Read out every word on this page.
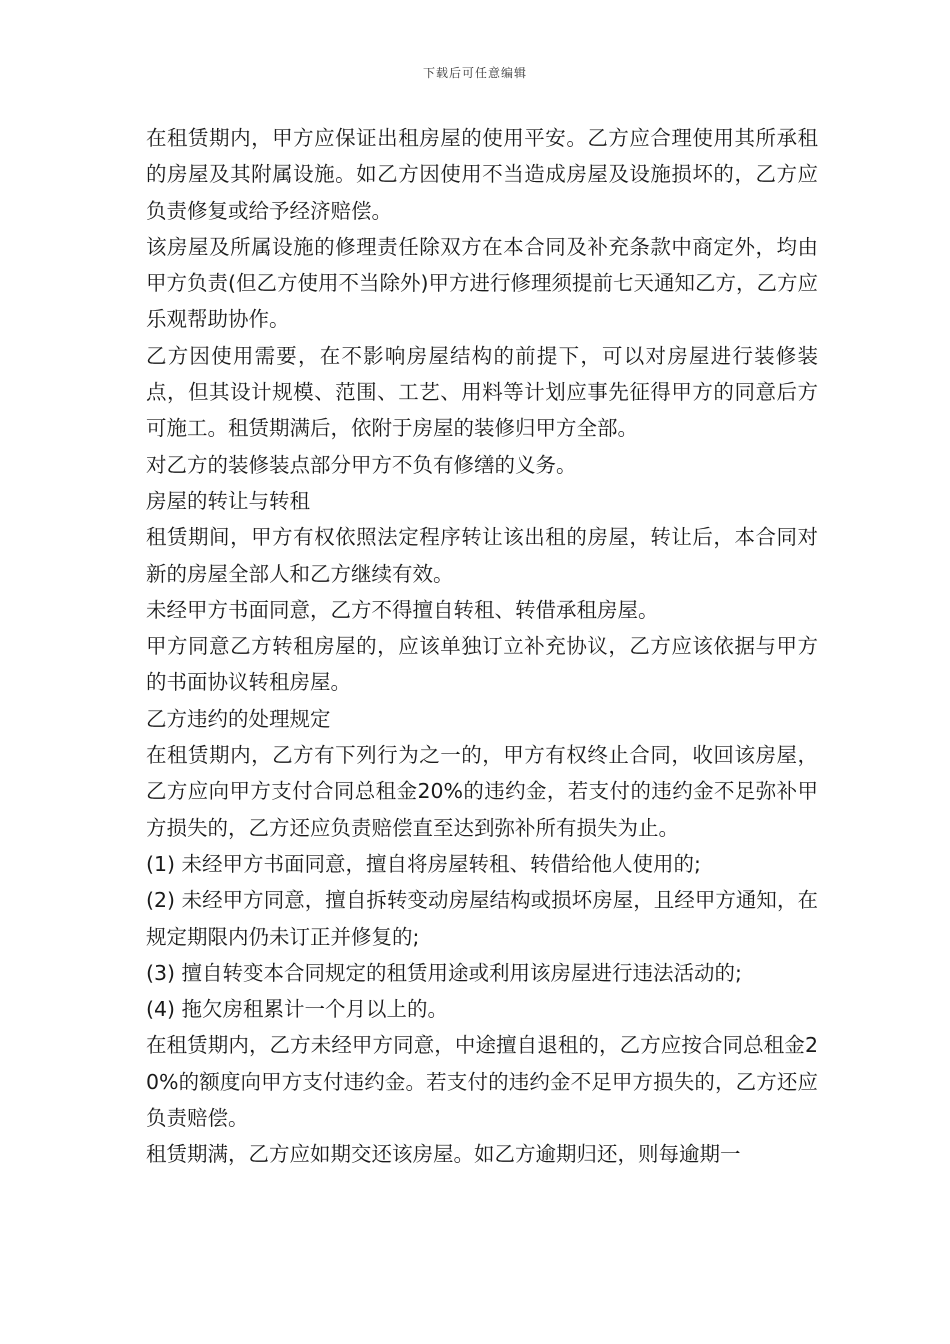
下载后可任意编辑

在租赁期内，甲方应保证出租房屋的使用平安。乙方应合理使用其所承租的房屋及其附属设施。如乙方因使用不当造成房屋及设施损坏的，乙方应负责修复或给予经济赔偿。

该房屋及所属设施的修理责任除双方在本合同及补充条款中商定外，均由甲方负责(但乙方使用不当除外)甲方进行修理须提前七天通知乙方，乙方应乐观帮助协作。

乙方因使用需要，在不影响房屋结构的前提下，可以对房屋进行装修装点，但其设计规模、范围、工艺、用料等计划应事先征得甲方的同意后方可施工。租赁期满后，依附于房屋的装修归甲方全部。

对乙方的装修装点部分甲方不负有修缮的义务。

房屋的转让与转租

租赁期间，甲方有权依照法定程序转让该出租的房屋，转让后，本合同对新的房屋全部人和乙方继续有效。

未经甲方书面同意，乙方不得擅自转租、转借承租房屋。

甲方同意乙方转租房屋的，应该单独订立补充协议，乙方应该依据与甲方的书面协议转租房屋。

乙方违约的处理规定

在租赁期内，乙方有下列行为之一的，甲方有权终止合同，收回该房屋，乙方应向甲方支付合同总租金20%的违约金，若支付的违约金不足弥补甲方损失的，乙方还应负责赔偿直至达到弥补所有损失为止。

(1) 未经甲方书面同意，擅自将房屋转租、转借给他人使用的;

(2) 未经甲方同意，擅自拆转变动房屋结构或损坏房屋，且经甲方通知，在规定期限内仍未订正并修复的;

(3) 擅自转变本合同规定的租赁用途或利用该房屋进行违法活动的;

(4) 拖欠房租累计一个月以上的。

在租赁期内，乙方未经甲方同意，中途擅自退租的，乙方应按合同总租金20%的额度向甲方支付违约金。若支付的违约金不足甲方损失的，乙方还应负责赔偿。

租赁期满，乙方应如期交还该房屋。如乙方逾期归还，则每逾期一
